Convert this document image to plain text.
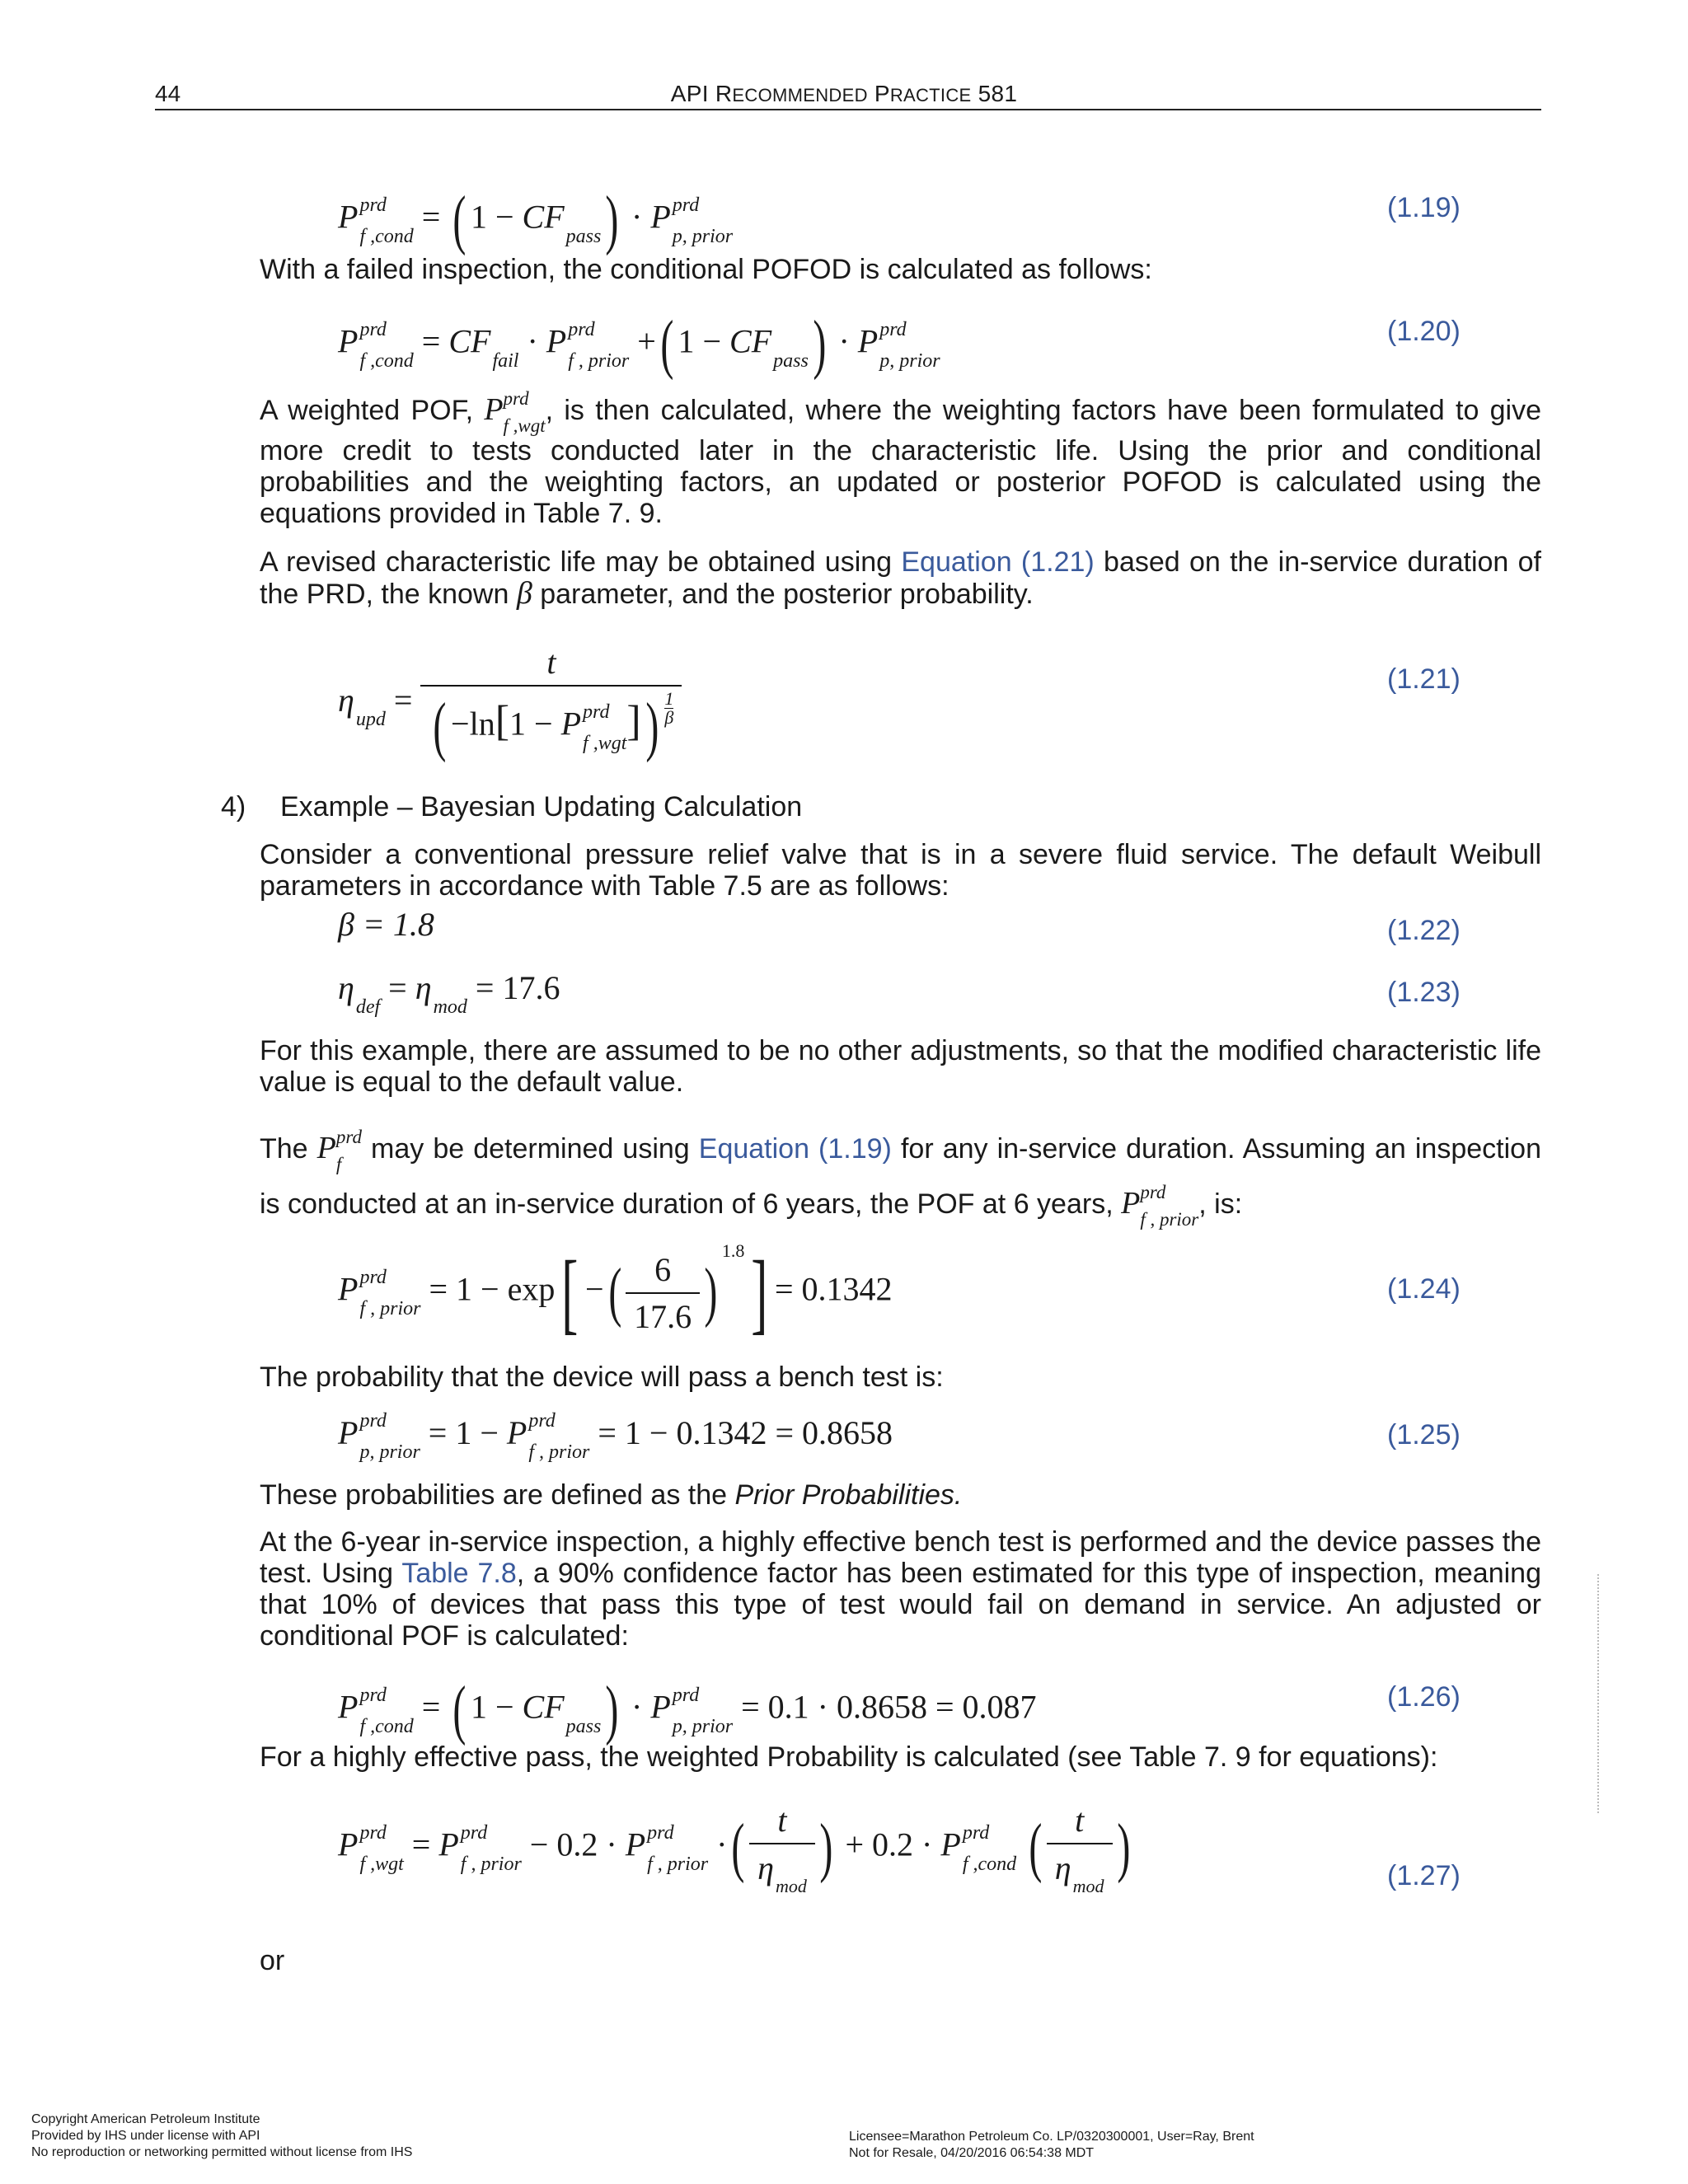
44	API RECOMMENDED PRACTICE 581
P prd
f ,cond
= ( 1 − CF

pass ) · P prd
p, prior
(1.19)
With a failed inspection, the conditional POFOD is calculated as follows:
P prd
f ,cond
= CF

fail
· P prd
f , prior
+( 1 − CF

pass ) · P prd
p, prior
(1.20)
A weighted POF, P prd
f ,wgt , is then calculated, where the weighting factors have been formulated to give more credit to tests conducted later in the characteristic life. Using the prior and conditional probabilities and the weighting factors, an updated or posterior POFOD is calculated using the equations provided in Table 7. 9.
A revised characteristic life may be obtained using Equation (1.21) based on the in-service duration of the PRD, the known β parameter, and the posterior probability.
η

upd
= t
( −ln[1 − P prd
f ,wgt ]) $\frac{1}{\beta}$	(1.21)
4) Example – Bayesian Updating Calculation
Consider a conventional pressure relief valve that is in a severe fluid service. The default Weibull parameters in accordance with Table 7.5 are as follows:
β = 1.8	(1.22)
η

def
= η

mod
= 17.6	(1.23)
For this example, there are assumed to be no other adjustments, so that the modified characteristic life value is equal to the default value.
The P prd
f may be determined using Equation (1.19) for any in-service duration. Assuming an inspection is conducted at an in-service duration of 6 years, the POF at 6 years, P prd
f , prior , is:
P prd
f , prior
= 1 − exp[ −( $\frac{6}{17.6} )^{1.8}] = 0.1342$	(1.24)
The probability that the device will pass a bench test is:
P prd
p, prior
= 1 − P prd
f , prior
= 1 − 0.1342 = 0.8658	(1.25)
These probabilities are defined as the Prior Probabilities.
At the 6-year in-service inspection, a highly effective bench test is performed and the device passes the test. Using Table 7.8, a 90% confidence factor has been estimated for this type of inspection, meaning that 10% of devices that pass this type of test would fail on demand in service. An adjusted or conditional POF is calculated:
P prd
f ,cond
= ( 1 − CF

pass ) · P prd
p, prior
= 0.1 · 0.8658 = 0.087	(1.26)
For a highly effective pass, the weighted Probability is calculated (see Table 7. 9 for equations):
P prd
f ,wgt
= P prd
f , prior
− 0.2 · P prd
f , prior
·( t
η
mod ) + 0.2 · P prd
f ,cond ( t
η
mod )	(1.27)
or
Copyright American Petroleum Institute
Provided by IHS under license with API
No reproduction or networking permitted without license from IHS
Licensee=Marathon Petroleum Co. LP/0320300001, User=Ray, Brent
Not for Resale, 04/20/2016 06:54:38 MDT
